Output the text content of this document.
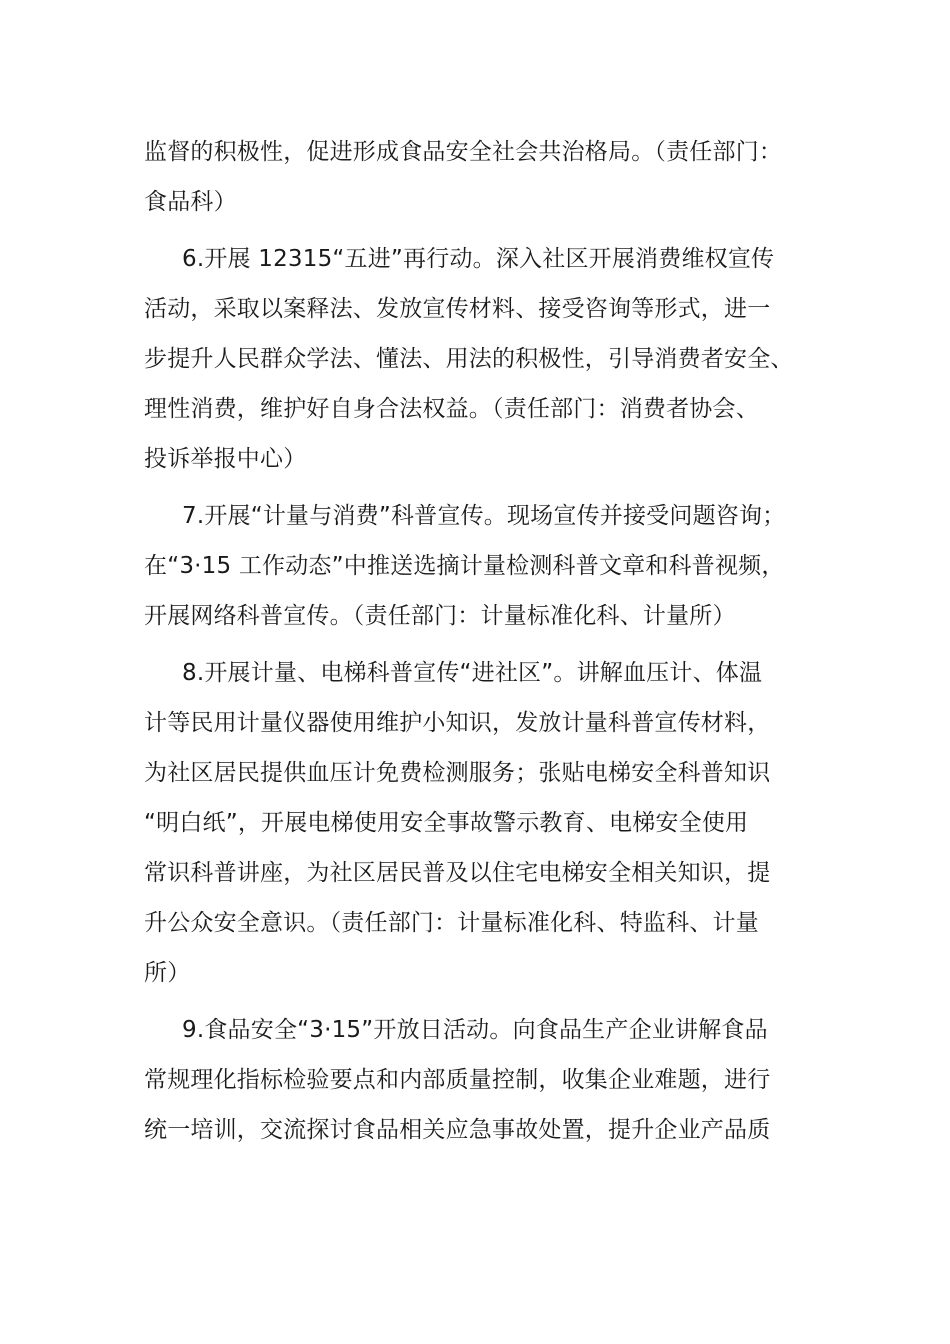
监督的积极性，促进形成食品安全社会共治格局。（责任部门：
食品科）
6.开展 12315“五进”再行动。深入社区开展消费维权宣传
活动，采取以案释法、发放宣传材料、接受咨询等形式，进一
步提升人民群众学法、懂法、用法的积极性，引导消费者安全、
理性消费，维护好自身合法权益。（责任部门：消费者协会、
投诉举报中心）
7.开展“计量与消费”科普宣传。现场宣传并接受问题咨询；
在“3·15 工作动态”中推送选摘计量检测科普文章和科普视频，
开展网络科普宣传。（责任部门：计量标准化科、计量所）
8.开展计量、电梯科普宣传“进社区”。讲解血压计、体温
计等民用计量仪器使用维护小知识，发放计量科普宣传材料，
为社区居民提供血压计免费检测服务；张贴电梯安全科普知识
“明白纸”，开展电梯使用安全事故警示教育、电梯安全使用
常识科普讲座，为社区居民普及以住宅电梯安全相关知识，提
升公众安全意识。（责任部门：计量标准化科、特监科、计量
所）
9.食品安全“3·15”开放日活动。向食品生产企业讲解食品
常规理化指标检验要点和内部质量控制，收集企业难题，进行
统一培训，交流探讨食品相关应急事故处置，提升企业产品质
